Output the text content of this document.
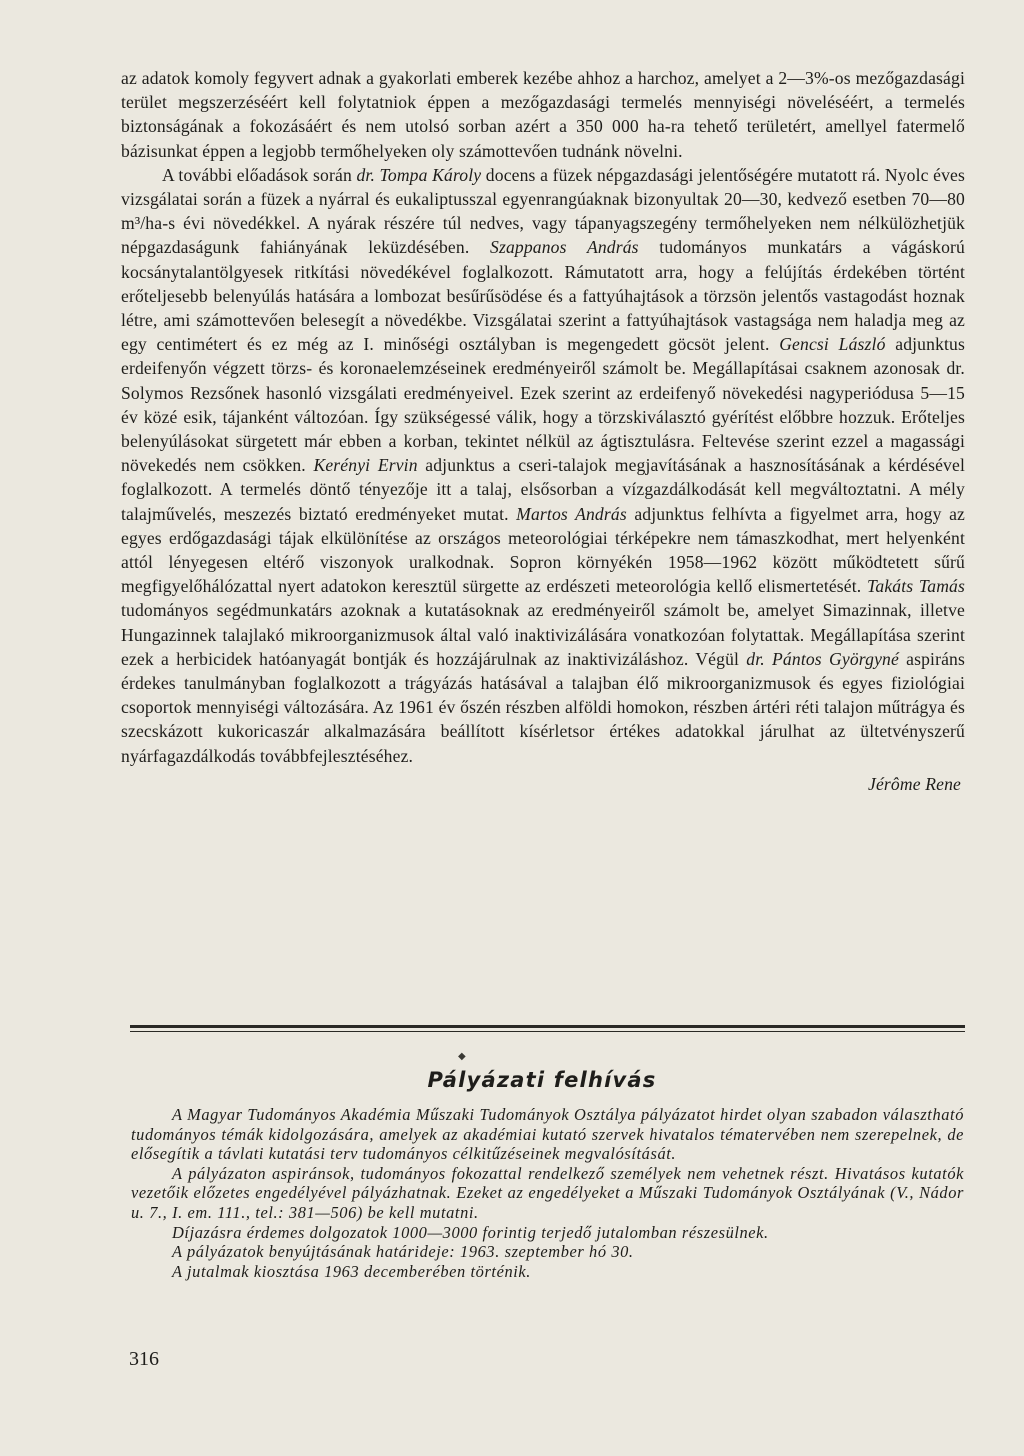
az adatok komoly fegyvert adnak a gyakorlati emberek kezébe ahhoz a harchoz, amelyet a 2—3%-os mezőgazdasági terület megszerzéséért kell folytatniok éppen a mezőgazdasági termelés mennyiségi növeléséért, a termelés biztonságának a fokozásáért és nem utolsó sorban azért a 350 000 ha-ra tehető területért, amellyel fatermelő bázisunkat éppen a legjobb termőhelyeken oly számottevően tudnánk növelni.

A további előadások során dr. Tompa Károly docens a füzek népgazdasági jelentőségére mutatott rá. Nyolc éves vizsgálatai során a füzek a nyárral és eukaliptusszal egyenrangúaknak bizonyultak 20—30, kedvező esetben 70—80 m³/ha-s évi növedékkel. A nyárak részére túl nedves, vagy tápanyagszegény termőhelyeken nem nélkülözhetjük népgazdaságunk fahiányának leküzdésében. Szappanos András tudományos munkatárs a vágáskorú kocsánytalantölgyesek ritkítási növedékével foglalkozott. Rámutatott arra, hogy a felújítás érdekében történt erőteljesebb belenyúlás hatására a lombozat besűrűsödése és a fattyúhajtások a törzsön jelentős vastagodást hoznak létre, ami számottevően belesegít a növedékbe. Vizsgálatai szerint a fattyúhajtások vastagsága nem haladja meg az egy centimétert és ez még az I. minőségi osztályban is megengedett göcsöt jelent. Gencsi László adjunktus erdeifenyőn végzett törzs- és koronaelemzéseinek eredményeiről számolt be. Megállapításai csaknem azonosak dr. Solymos Rezsőnek hasonló vizsgálati eredményeivel. Ezek szerint az erdeifenyő növekedési nagyperiódusa 5—15 év közé esik, tájanként változóan. Így szükségessé válik, hogy a törzskiválasztó gyérítést előbbre hozzuk. Erőteljes belenyúlásokat sürgetett már ebben a korban, tekintet nélkül az ágtisztulásra. Feltevése szerint ezzel a magassági növekedés nem csökken. Kerényi Ervin adjunktus a cseri-talajok megjavításának a hasznosításának a kérdésével foglalkozott. A termelés döntő tényezője itt a talaj, elsősorban a vízgazdálkodását kell megváltoztatni. A mély talajművelés, meszezés biztató eredményeket mutat. Martos András adjunktus felhívta a figyelmet arra, hogy az egyes erdőgazdasági tájak elkülönítése az országos meteorológiai térképekre nem támaszkodhat, mert helyenként attól lényegesen eltérő viszonyok uralkodnak. Sopron környékén 1958—1962 között működtetett sűrű megfigyelőhálózattal nyert adatokon keresztül sürgette az erdészeti meteorológia kellő elismertetését. Takáts Tamás tudományos segédmunkatárs azoknak a kutatásoknak az eredményeiről számolt be, amelyet Simazinnak, illetve Hungazinnek talajlakó mikroorganizmusok által való inaktivizálására vonatkozóan folytattak. Megállapítása szerint ezek a herbicidek hatóanyagát bontják és hozzájárulnak az inaktivizáláshoz. Végül dr. Pántos Györgyné aspiráns érdekes tanulmányban foglalkozott a trágyázás hatásával a talajban élő mikroorganizmusok és egyes fiziológiai csoportok mennyiségi változására. Az 1961 év őszén részben alföldi homokon, részben ártéri réti talajon műtrágya és szecskázott kukoricaszár alkalmazására beállított kísérletsor értékes adatokkal járulhat az ültetvényszerű nyárfagazdálkodás továbbfejlesztéséhez.

Jérôme Rene
◆
Pályázati felhívás

A Magyar Tudományos Akadémia Műszaki Tudományok Osztálya pályázatot hirdet olyan szabadon választható tudományos témák kidolgozására, amelyek az akadémiai kutató szervek hivatalos tématervében nem szerepelnek, de elősegítik a távlati kutatási terv tudományos célkitűzéseinek megvalósítását.

A pályázaton aspiránsok, tudományos fokozattal rendelkező személyek nem vehetnek részt. Hivatásos kutatók vezetőik előzetes engedélyével pályázhatnak. Ezeket az engedélyeket a Műszaki Tudományok Osztályának (V., Nádor u. 7., I. em. 111., tel.: 381—506) be kell mutatni.

Díjazásra érdemes dolgozatok 1000—3000 forintig terjedő jutalomban részesülnek.

A pályázatok benyújtásának határideje: 1963. szeptember hó 30.

A jutalmak kiosztása 1963 decemberében történik.

316
